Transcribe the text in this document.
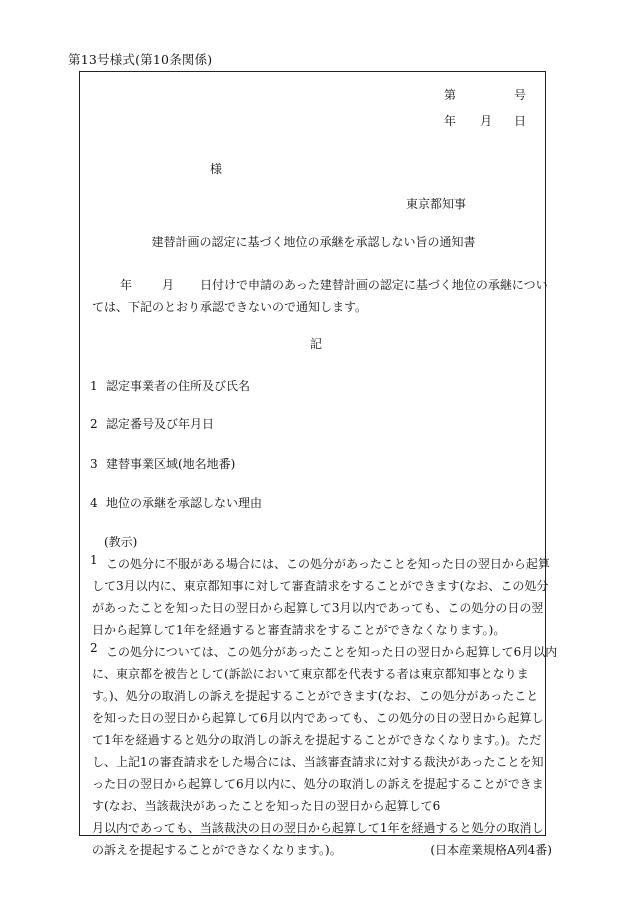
第13号様式(第10条関係)
第	号
年 月 日
様
東京都知事
建替計画の認定に基づく地位の承継を承認しない旨の通知書
年 月 日付けで申請のあった建替計画の認定に基づく地位の承継につい
ては、下記のとおり承認できないので通知します。
記
1 認定事業者の住所及び氏名
2 認定番号及び年月日
3 建替事業区域(地名地番)
4 地位の承継を承認しない理由
(教示)
1 この処分に不服がある場合には、この処分があったことを知った日の翌日から起算
して3月以内に、東京都知事に対して審査請求をすることができます(なお、この処分
があったことを知った日の翌日から起算して3月以内であっても、この処分の日の翌
日から起算して1年を経過すると審査請求をすることができなくなります。)。
2 この処分については、この処分があったことを知った日の翌日から起算して6月以内
に、東京都を被告として(訴訟において東京都を代表する者は東京都知事となりま
す。)、処分の取消しの訴えを提起することができます(なお、この処分があったこと
を知った日の翌日から起算して6月以内であっても、この処分の日の翌日から起算し
て1年を経過すると処分の取消しの訴えを提起することができなくなります。)。ただ
し、上記1の審査請求をした場合には、当該審査請求に対する裁決があったことを知
った日の翌日から起算して6月以内に、処分の取消しの訴えを提起することができま
す(なお、当該裁決があったことを知った日の翌日から起算して6
月以内であっても、当該裁決の日の翌日から起算して1年を経過すると処分の取消し
の訴えを提起することができなくなります。)。	(日本産業規格A列4番)
